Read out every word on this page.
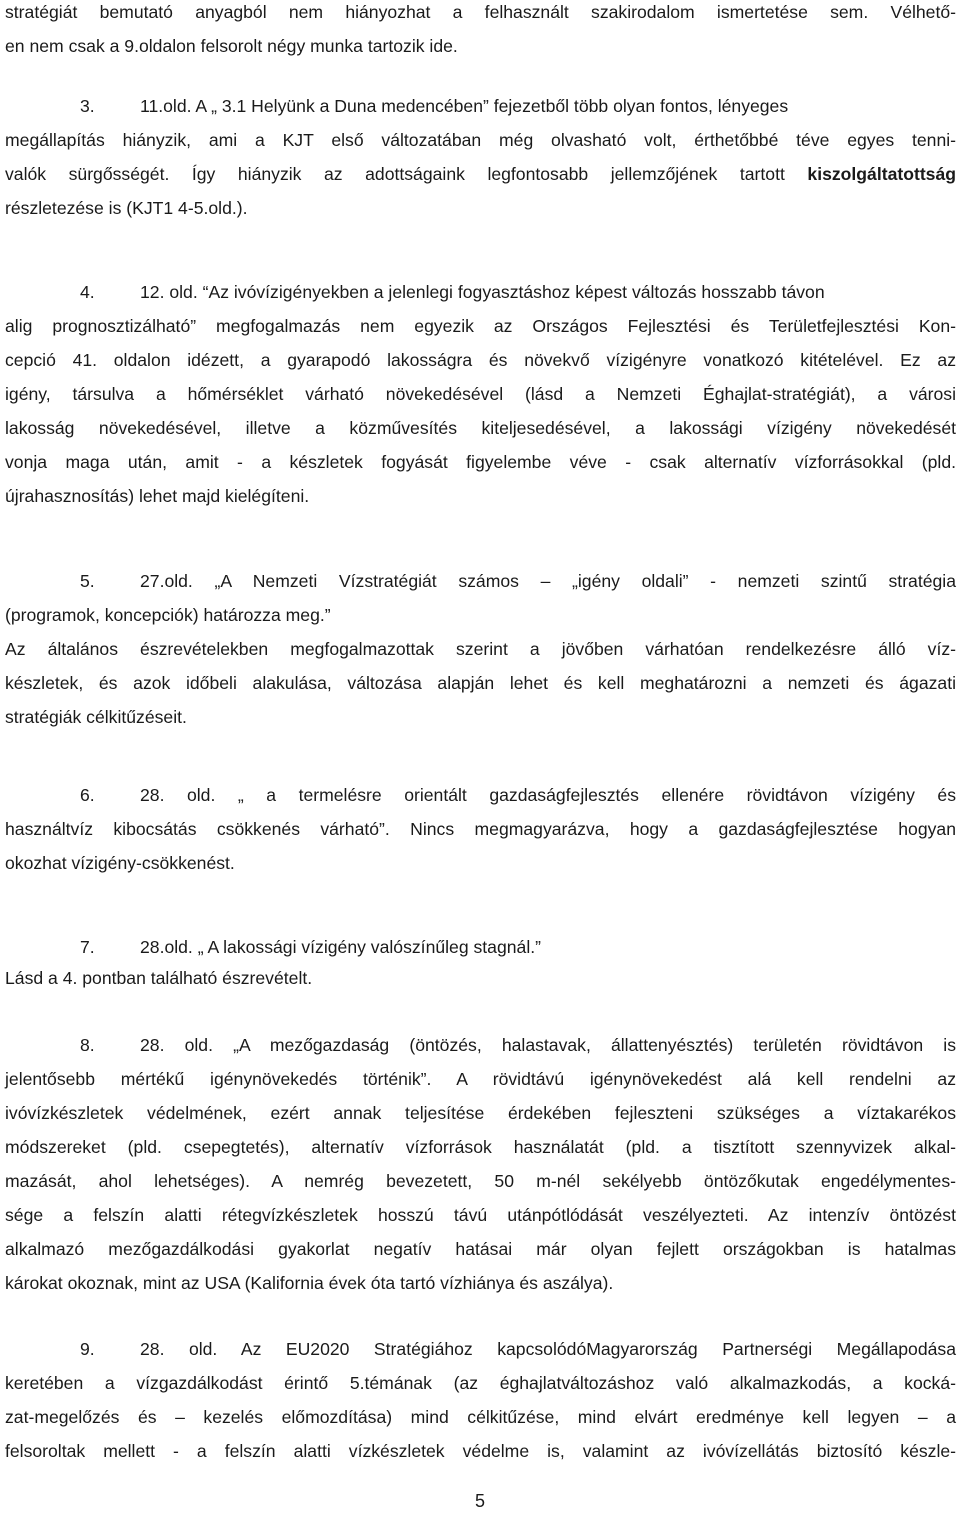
stratégiát bemutató anyagból nem hiányozhat a felhasznált szakirodalom ismertetése sem. Vélhető-
en nem csak a 9.oldalon felsorolt négy munka tartozik ide.
3.	11.old. A „ 3.1 Helyünk a Duna medencében” fejezetből több olyan fontos, lényeges
megállapítás hiányzik, ami a KJT első változatában még olvasható volt, érthetőbbé téve egyes tenni-
valók sürgősségét. Így hiányzik az adottságaink legfontosabb jellemzőjének tartott kiszolgáltatottság
részletezése is (KJT1 4-5.old.).
4.	12. old. “Az ivóvízigényekben a jelenlegi fogyasztáshoz képest változás hosszabb távon
alig prognosztizálható” megfogalmazás nem egyezik az Országos Fejlesztési és Területfejlesztési Kon-
cepció 41. oldalon idézett, a gyarapodó lakosságra és növekvő vízigényre vonatkozó kitételével. Ez az
igény, társulva a hőmérséklet várható növekedésével (lásd a Nemzeti Éghajlat-stratégiát), a városi
lakosság növekedésével, illetve a közművesítés kiteljesedésével, a lakossági vízigény növekedését
vonja maga után, amit - a készletek fogyását figyelembe véve - csak alternatív vízforrásokkal (pld.
újrahasznosítás) lehet majd kielégíteni.
5.	27.old. „A Nemzeti Vízstratégiát számos – „igény oldali” - nemzeti szintű stratégia
(programok, koncepciók) határozza meg.”
Az általános észrevételekben megfogalmazottak szerint a jövőben várhatóan rendelkezésre álló víz-
készletek, és azok időbeli alakulása, változása alapján lehet és kell meghatározni a nemzeti és ágazati
stratégiák célkitűzéseit.
6.	28. old. „ a termelésre orientált gazdaságfejlesztés ellenére rövidtávon vízigény és
használtvíz kibocsátás csökkenés várható”. Nincs megmagyarázva, hogy a gazdaságfejlesztése hogyan
okozhat vízigény-csökkenést.
7.	28.old. „ A lakossági vízigény valószínűleg stagnál.”
Lásd a 4. pontban található észrevételt.
8.	28. old. „A mezőgazdaság (öntözés, halastavak, állattenyésztés) területén rövidtávon is
jelentősebb mértékű igénynövekedés történik”. A rövidtávú igénynövekedést alá kell rendelni az
ivóvízkészletek védelmének, ezért annak teljesítése érdekében fejleszteni szükséges a víztakarékos
módszereket (pld. csepegtetés), alternatív vízforrások használatát (pld. a tisztított szennyvizek alkal-
mazását, ahol lehetséges). A nemrég bevezetett, 50 m-nél sekélyebb öntözőkutak engedélymentes-
sége a felszín alatti rétegvízkészletek hosszú távú utánpótlódását veszélyezteti. Az intenzív öntözést
alkalmazó mezőgazdálkodási gyakorlat negatív hatásai már olyan fejlett országokban is hatalmas
károkat okoznak, mint az USA (Kalifornia évek óta tartó vízhiánya és aszálya).
9.	28. old. Az EU2020 Stratégiához kapcsolódóMagyarország Partnerségi Megállapodása
keretében a vízgazdálkodást érintő 5.témának (az éghajlatváltozáshoz való alkalmazkodás, a kocká-
zat-megelőzés és – kezelés előmozdítása) mind célkitűzése, mind elvárt eredménye kell legyen – a
felsoroltak mellett - a felszín alatti vízkészletek védelme is, valamint az ivóvízellátás biztosító készle-
5
